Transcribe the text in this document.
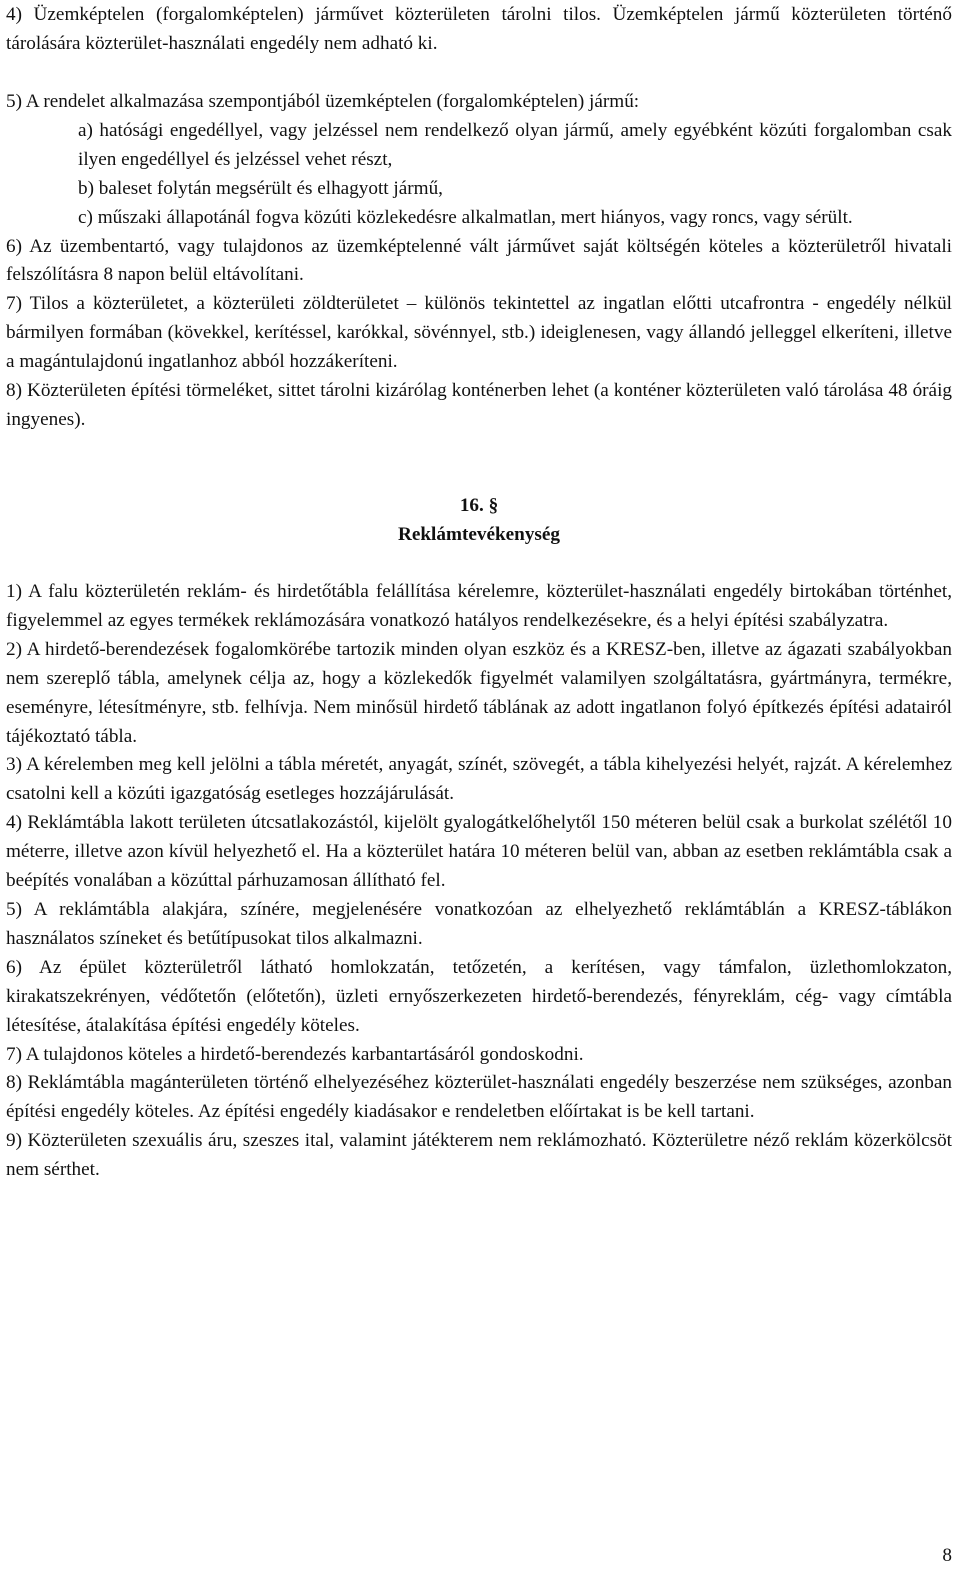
4) Üzemképtelen (forgalomképtelen) járművet közterületen tárolni tilos. Üzemképtelen jármű közterületen történő tárolására közterület-használati engedély nem adható ki.

5) A rendelet alkalmazása szempontjából üzemképtelen (forgalomképtelen) jármű:

a) hatósági engedéllyel, vagy jelzéssel nem rendelkező olyan jármű, amely egyébként közúti forgalomban csak ilyen engedéllyel és jelzéssel vehet részt,

b) baleset folytán megsérült és elhagyott jármű,

c) műszaki állapotánál fogva közúti közlekedésre alkalmatlan, mert hiányos, vagy roncs, vagy sérült.

6) Az üzembentartó, vagy tulajdonos az üzemképtelenné vált járművet saját költségén köteles a közterületről hivatali felszólításra 8 napon belül eltávolítani.

7) Tilos a közterületet, a közterületi zöldterületet – különös tekintettel az ingatlan előtti utcafrontra - engedély nélkül bármilyen formában (kövekkel, kerítéssel, karókkal, sövénnyel, stb.) ideiglenesen, vagy állandó jelleggel elkeríteni, illetve a magántulajdonú ingatlanhoz abból hozzákeríteni.

8) Közterületen építési törmeléket, sittet tárolni kizárólag konténerben lehet (a konténer közterületen való tárolása 48 óráig ingyenes).

16. §
Reklámtevékenység

1) A falu közterületén reklám- és hirdetőtábla felállítása kérelemre, közterület-használati engedély birtokában történhet, figyelemmel az egyes termékek reklámozására vonatkozó hatályos rendelkezésekre, és a helyi építési szabályzatra.

2) A hirdető-berendezések fogalomkörébe tartozik minden olyan eszköz és a KRESZ-ben, illetve az ágazati szabályokban nem szereplő tábla, amelynek célja az, hogy a közlekedők figyelmét valamilyen szolgáltatásra, gyártmányra, termékre, eseményre, létesítményre, stb. felhívja. Nem minősül hirdető táblának az adott ingatlanon folyó építkezés építési adatairól tájékoztató tábla.

3) A kérelemben meg kell jelölni a tábla méretét, anyagát, színét, szövegét, a tábla kihelyezési helyét, rajzát. A kérelemhez csatolni kell a közúti igazgatóság esetleges hozzájárulását.

4) Reklámtábla lakott területen útcsatlakozástól, kijelölt gyalogátkelőhelytől 150 méteren belül csak a burkolat szélétől 10 méterre, illetve azon kívül helyezhető el. Ha a közterület határa 10 méteren belül van, abban az esetben reklámtábla csak a beépítés vonalában a közúttal párhuzamosan állítható fel.

5) A reklámtábla alakjára, színére, megjelenésére vonatkozóan az elhelyezhető reklámtáblán a KRESZ-táblákon használatos színeket és betűtípusokat tilos alkalmazni.

6) Az épület közterületről látható homlokzatán, tetőzetén, a kerítésen, vagy támfalon, üzlethomlokzaton, kirakatszekrényen, védőtetőn (előtetőn), üzleti ernyőszerkezeten hirdető-berendezés, fényreklám, cég- vagy címtábla létesítése, átalakítása építési engedély köteles.

7) A tulajdonos köteles a hirdető-berendezés karbantartásáról gondoskodni.

8) Reklámtábla magánterületen történő elhelyezéséhez közterület-használati engedély beszerzése nem szükséges, azonban építési engedély köteles. Az építési engedély kiadásakor e rendeletben előírtakat is be kell tartani.

9) Közterületen szexuális áru, szeszes ital, valamint játékterem nem reklámozható. Közterületre néző reklám közerkölcsöt nem sérthet.

8
